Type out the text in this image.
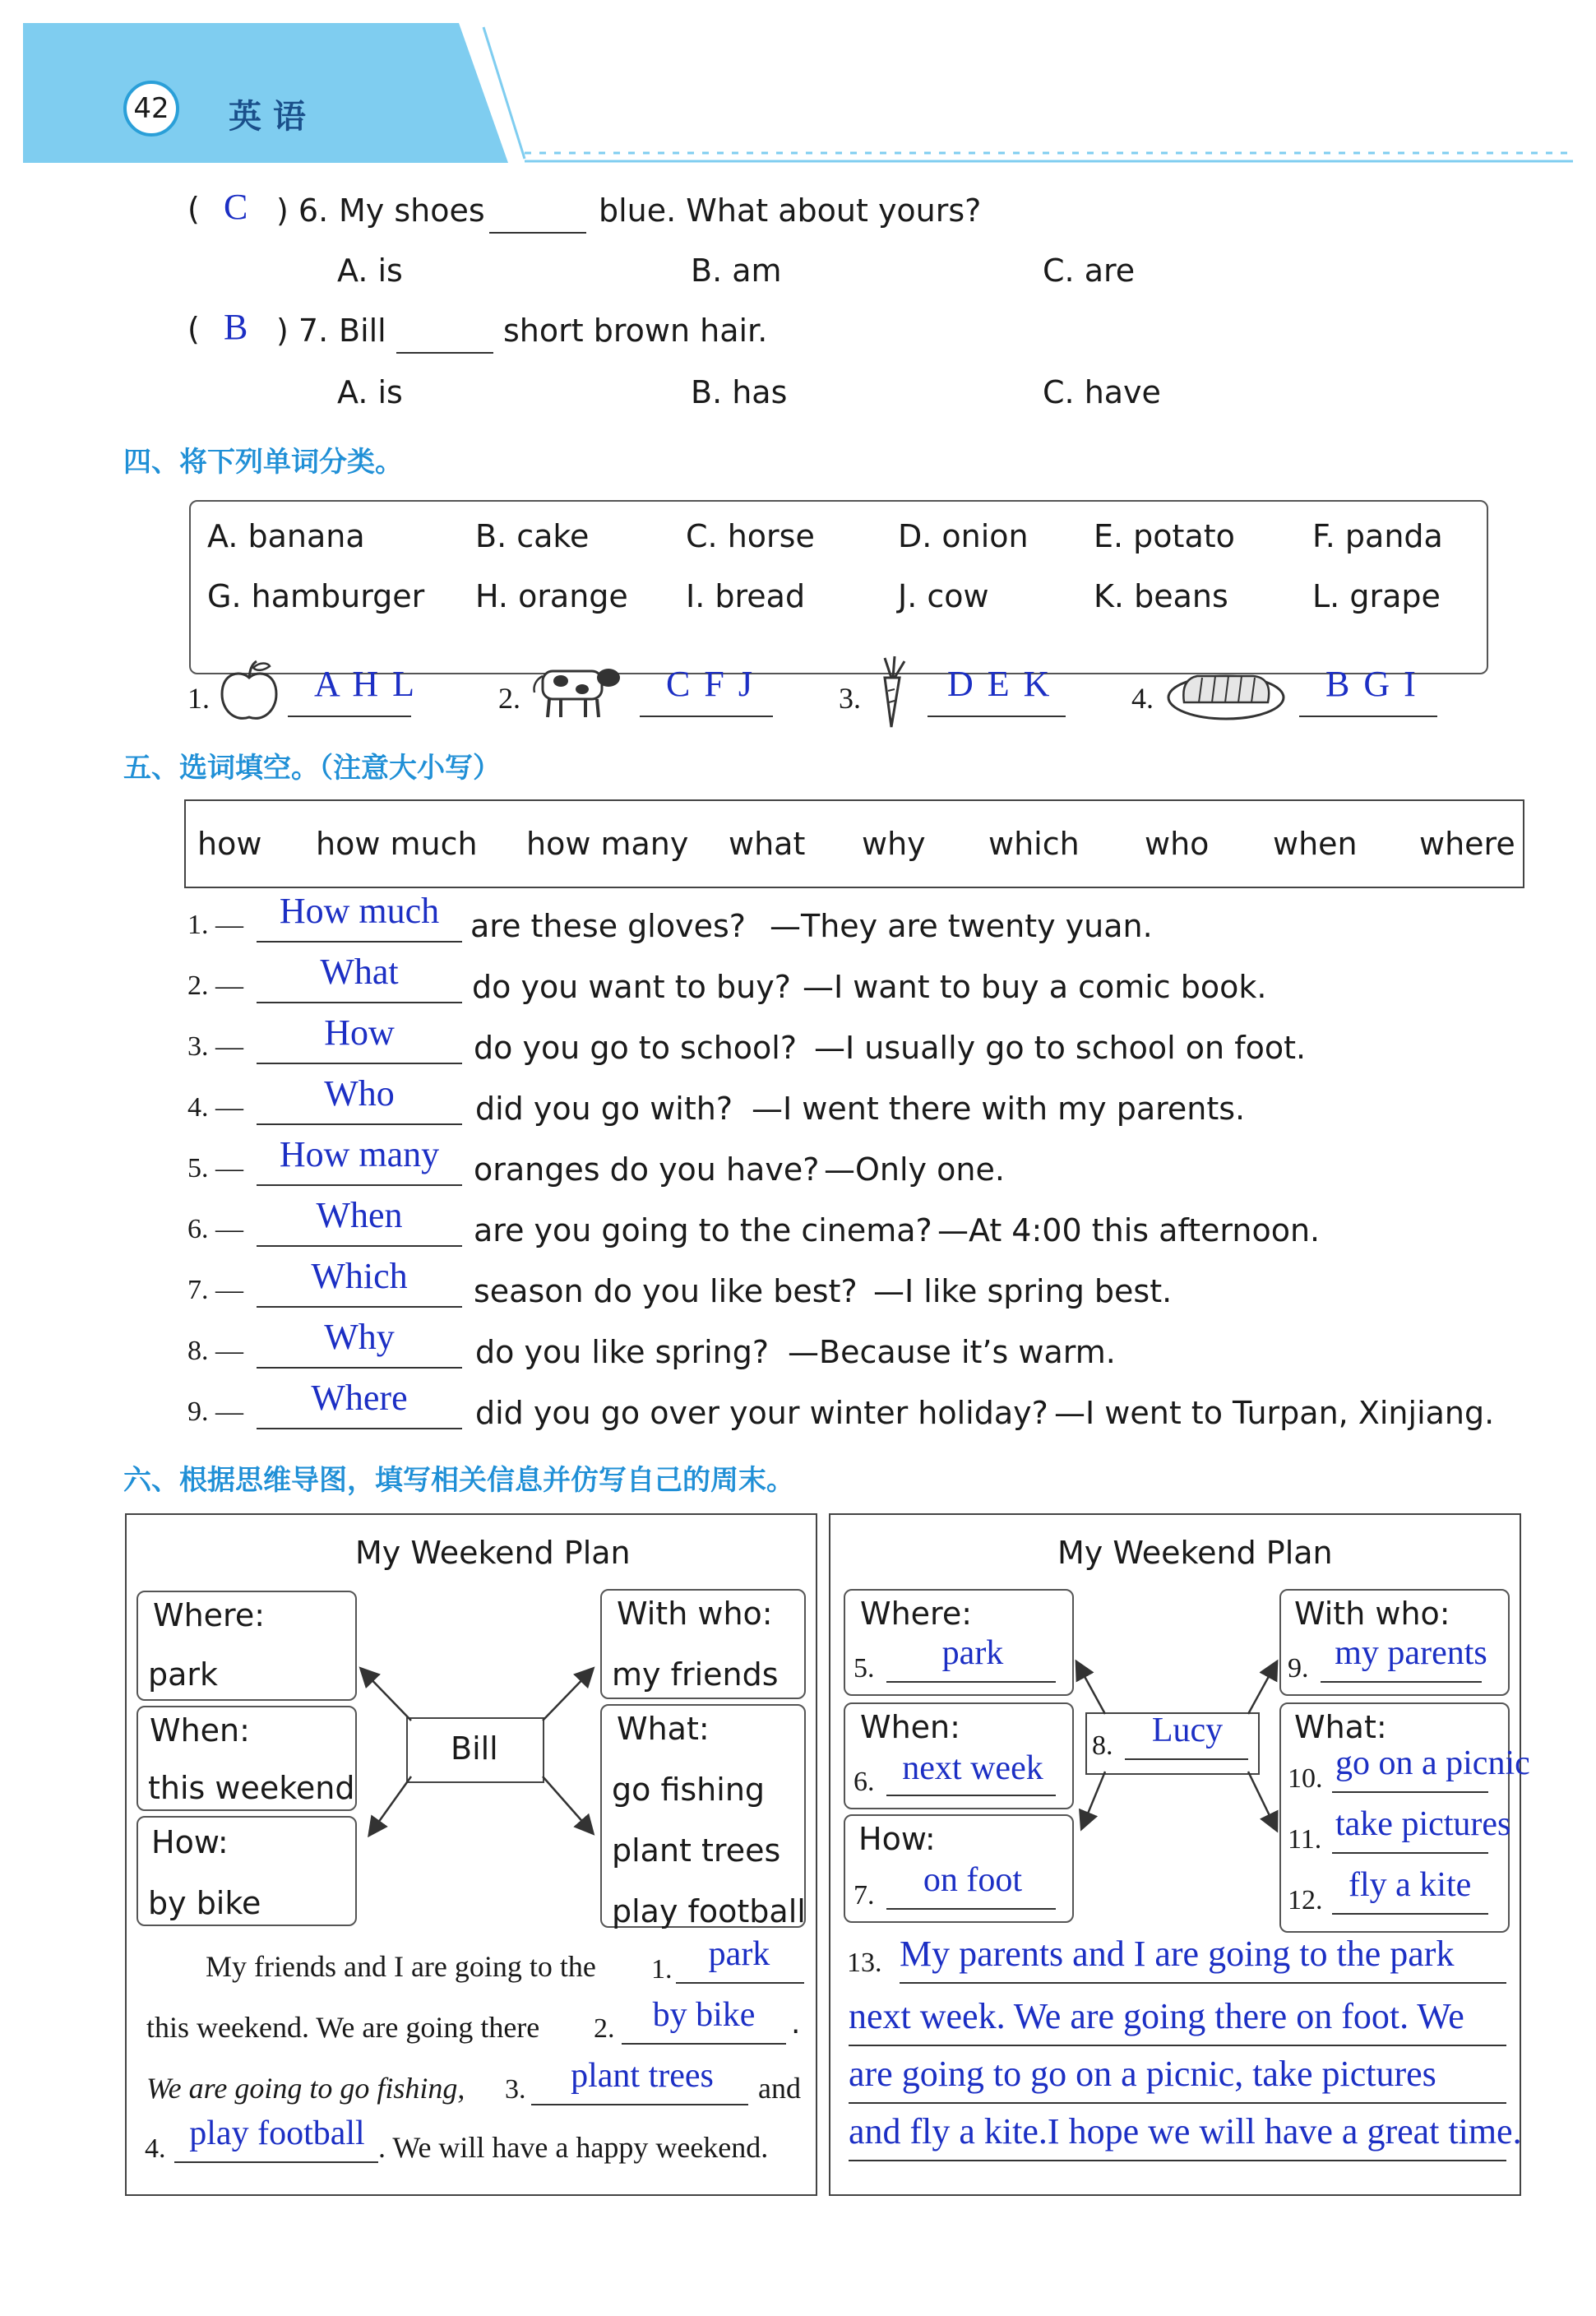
42	英 语
( C ) 6. My shoes	blue. What about yours?
A. is	B. am	C. are
( B ) 7. Bill	short brown hair.
A. is	B. has	C. have
四、将下列单词分类。
A. banana	B. cake	C. horse	D. onion E. potato F. panda
G. hamburger H. orange I. bread	J. cow	K. beans	L. grape
1.	A H L	2.	C F J	3. D E K	4.	B G I
五、选词填空。（注意大小写）
how how much how many what why which who when where
1. — How much are these gloves? —They are twenty yuan.
2. —	What	do you want to buy? —I want to buy a comic book.
3. —	How	do you go to school? —I usually go to school on foot.
4. —	Who	did you go with? —I went there with my parents.
5. — How many	oranges do you have? —Only one.
6. —	When	are you going to the cinema? —At 4:00 this afternoon.
7. —	Which	season do you like best? —I like spring best.
8. —	Why	do you like spring? —Because it’s warm.
9. —	Where	did you go over your winter holiday? —I went to Turpan, Xinjiang.
六、根据思维导图，填写相关信息并仿写自己的周末。
My Weekend Plan
Where:
park
When:
this weekend
How:
by bike
Bill
With who:
my friends
What:
go fishing
plant trees
play football
My friends and I are going to the 1.	park
this weekend. We are going there 2.	by bike	.
We are going to go fishing, 3.	plant trees	and
4. play football . We will have a happy weekend.
My Weekend Plan
Where:
5.	park
When:
6. next week
How:
7.	on foot
8.	Lucy
With who:
9. my parents
What:
10. go on a picnic
11. take pictures
12. fly a kite
13. My parents and I are going to the park
next week. We are going there on foot. We
are going to go on a picnic, take pictures
and fly a kite.I hope we will have a great time.
